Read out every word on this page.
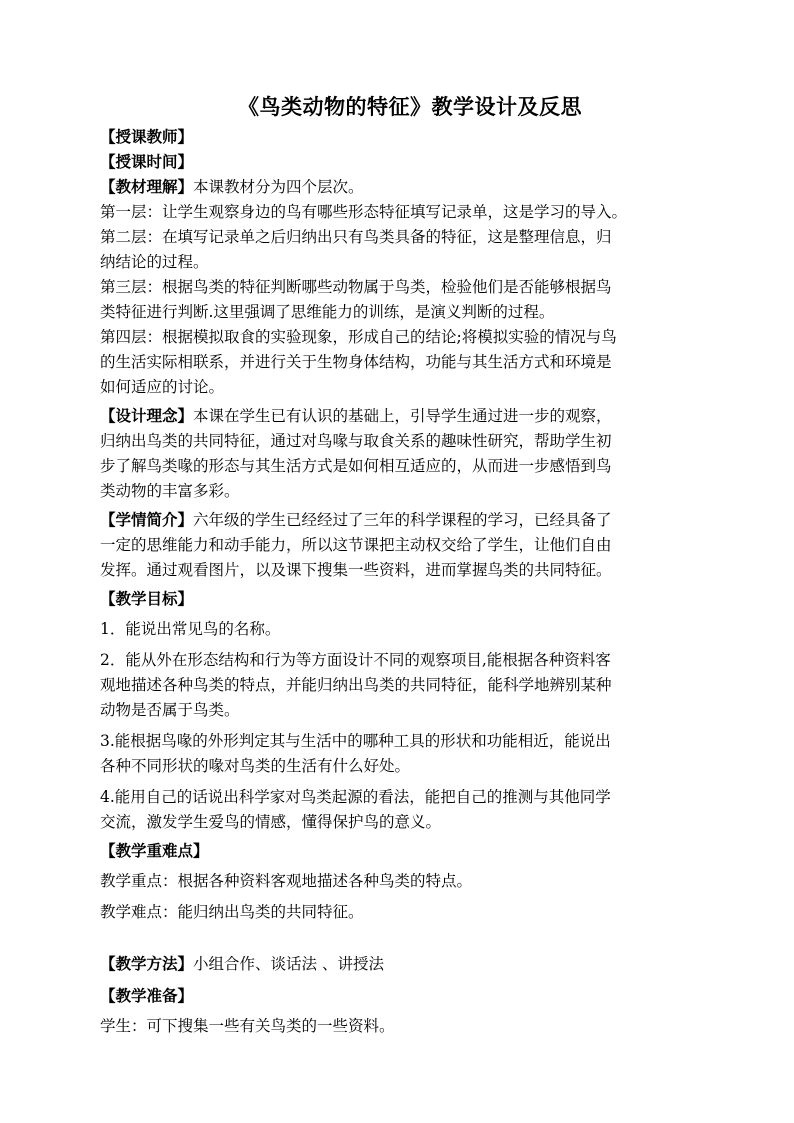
《鸟类动物的特征》教学设计及反思
【授课教师】
【授课时间】
【教材理解】本课教材分为四个层次。
第一层：让学生观察身边的鸟有哪些形态特征填写记录单，这是学习的导入。
第二层：在填写记录单之后归纳出只有鸟类具备的特征，这是整理信息，归
纳结论的过程。
第三层：根据鸟类的特征判断哪些动物属于鸟类，检验他们是否能够根据鸟
类特征进行判断.这里强调了思维能力的训练，是演义判断的过程。
第四层：根据模拟取食的实验现象，形成自己的结论;将模拟实验的情况与鸟
的生活实际相联系，并进行关于生物身体结构，功能与其生活方式和环境是
如何适应的讨论。
【设计理念】本课在学生已有认识的基础上，引导学生通过进一步的观察，
归纳出鸟类的共同特征，通过对鸟喙与取食关系的趣味性研究，帮助学生初
步了解鸟类喙的形态与其生活方式是如何相互适应的，从而进一步感悟到鸟
类动物的丰富多彩。
【学情简介】六年级的学生已经经过了三年的科学课程的学习，已经具备了
一定的思维能力和动手能力，所以这节课把主动权交给了学生，让他们自由
发挥。通过观看图片，以及课下搜集一些资料，进而掌握鸟类的共同特征。
【教学目标】
1．能说出常见鸟的名称。
2．能从外在形态结构和行为等方面设计不同的观察项目,能根据各种资料客
观地描述各种鸟类的特点，并能归纳出鸟类的共同特征，能科学地辨别某种
动物是否属于鸟类。
3.能根据鸟喙的外形判定其与生活中的哪种工具的形状和功能相近，能说出
各种不同形状的喙对鸟类的生活有什么好处。
4.能用自己的话说出科学家对鸟类起源的看法，能把自己的推测与其他同学
交流，激发学生爱鸟的情感，懂得保护鸟的意义。
【教学重难点】
教学重点：根据各种资料客观地描述各种鸟类的特点。
教学难点：能归纳出鸟类的共同特征。
【教学方法】小组合作、谈话法 、讲授法
【教学准备】
学生：可下搜集一些有关鸟类的一些资料。
